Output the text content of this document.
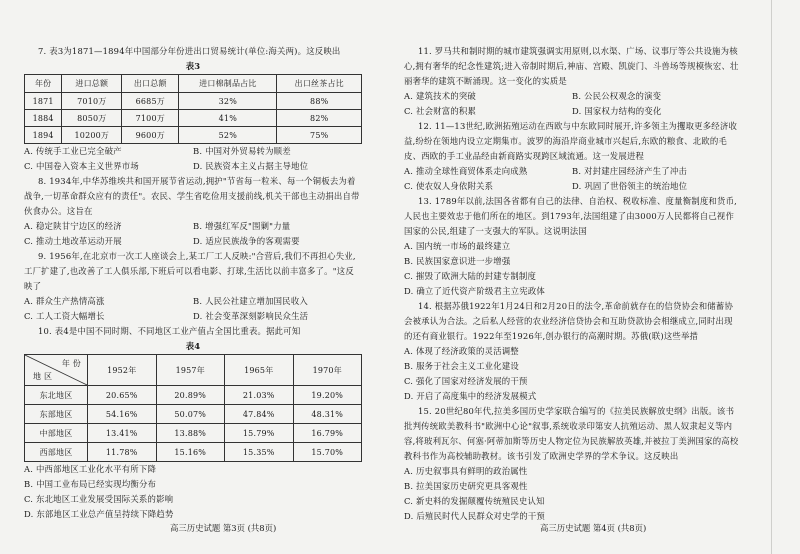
7. 表3为1871—1894年中国部分年份进出口贸易统计(单位:海关两)。这反映出

表3

年份	进口总额	出口总额	进口棉制品占比	出口丝茶占比
1871	7010万	6685万	32%	88%
1884	8050万	7100万	41%	82%
1894	10200万	9600万	52%	75%
A. 传统手工业已完全破产	B. 中国对外贸易转为顺差
C. 中国卷入资本主义世界市场	D. 民族资本主义占据主导地位

8. 1934年,中华苏维埃共和国开展节省运动,拥护"节省每一粒米、每一个铜板去为着战争,一切革命群众应有的责任"。农民、学生省吃俭用支援前线,机关干部也主动捐出自带伙食办公。这旨在

A. 稳定陕甘宁边区的经济	B. 增强红军反"围剿"力量
C. 推动土地改革运动开展	D. 适应民族战争的客观需要

9. 1956年,在北京市一次工人座谈会上,某工厂工人反映:"合营后,我们不再担心失业,工厂扩建了,也改善了工人俱乐部,下班后可以看电影、打球,生活比以前丰富多了。"这反映了

A. 群众生产热情高涨	B. 人民公社建立增加国民收入
C. 工人工资大幅增长	D. 社会变革深刻影响民众生活

10. 表4是中国不同时期、不同地区工业产值占全国比重表。据此可知

表4

年 份
地 区	1952年	1957年	1965年	1970年
东北地区	20.65%	20.89%	21.03%	19.20%
东部地区	54.16%	50.07%	47.84%	48.31%
中部地区	13.41%	13.88%	15.79%	16.79%
西部地区	11.78%	15.16%	15.35%	15.70%
A. 中西部地区工业化水平有所下降
B. 中国工业布局已经实现均衡分布
C. 东北地区工业发展受国际关系的影响
D. 东部地区工业总产值呈持续下降趋势

11. 罗马共和制时期的城市建筑强调实用原则,以水渠、广场、议事厅等公共设施为核心,拥有奢华的纪念性建筑;进入帝制时期后,神庙、宫殿、凯旋门、斗兽场等规模恢宏、壮丽奢华的建筑不断涌现。这一变化的实质是

A. 建筑技术的突破	B. 公民公权观念的演变
C. 社会财富的积累	D. 国家权力结构的变化

12. 11—13世纪,欧洲拓殖运动在西欧与中东欧同时展开,许多领主为攫取更多经济收益,纷纷在领地内设立定期集市。波罗的海沿岸商业城市兴起后,东欧的粮食、北欧的毛皮、西欧的手工业品经由新商路实现跨区域流通。这一发展进程

A. 推动全球性商贸体系走向成熟	B. 对封建庄园经济产生了冲击
C. 使农奴人身依附关系	D. 巩固了世俗领主的统治地位

13. 1789年以前,法国各省都有自己的法律、自治权、税收标准、度量衡制度和货币,人民也主要效忠于他们所在的地区。到1793年,法国组建了由3000万人民都将自己视作国家的公民,组建了一支强大的军队。这说明法国

A. 国内统一市场的最终建立
B. 民族国家意识进一步增强
C. 摧毁了欧洲大陆的封建专制制度
D. 确立了近代资产阶级君主立宪政体

14. 根据苏俄1922年1月24日和2月20日的法令,革命前就存在的信贷协会和储蓄协会被承认为合法。之后私人经营的农业经济信贷协会和互助贷款协会相继成立,同时出现的还有商业银行。1922年至1926年,创办银行的高潮时期。苏俄(联)这些举措

A. 体现了经济政策的灵活调整
B. 服务于社会主义工业化建设
C. 强化了国家对经济发展的干预
D. 开启了高度集中的经济发展模式

15. 20世纪80年代,拉美多国历史学家联合编写的《拉美民族解放史纲》出版。该书批判传统欧美教科书"欧洲中心论"叙事,系统收录印第安人抗殖运动、黑人奴隶起义等内容,将玻利瓦尔、何塞·阿蒂加斯等历史人物定位为民族解放英雄,并被拉丁美洲国家的高校教科书作为高校辅助教材。该书引发了欧洲史学界的学术争议。这反映出

A. 历史叙事具有鲜明的政治属性
B. 拉美国家历史研究更具客观性
C. 新史料的发掘颠覆传统殖民史认知
D. 后殖民时代人民群众对史学的干预
高三历史试题 第3页 (共8页)	高三历史试题 第4页 (共8页)
